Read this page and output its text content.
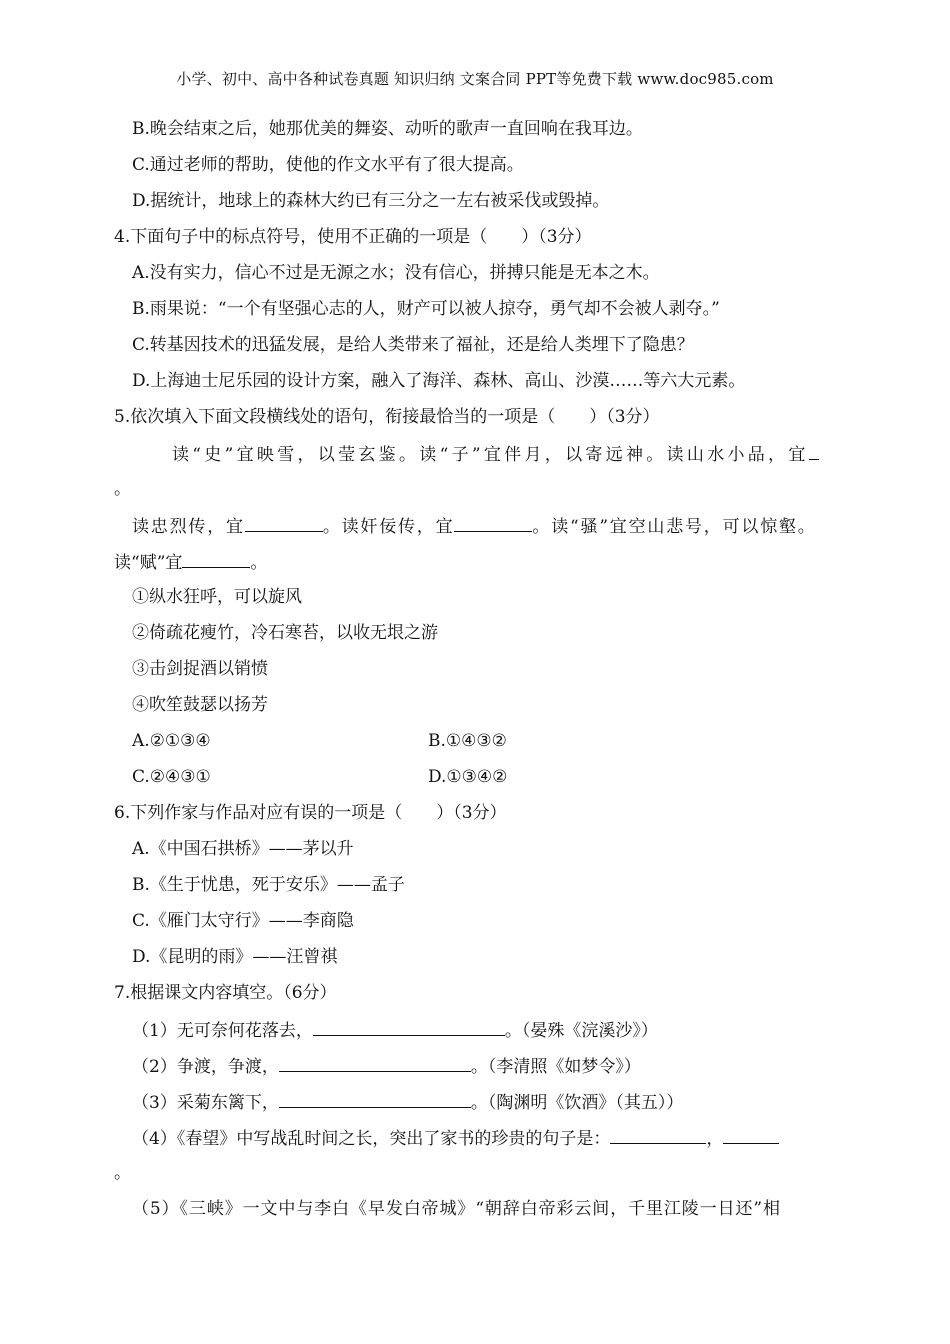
小学、初中、高中各种试卷真题 知识归纳 文案合同 PPT等免费下载 www.doc985.com
B.晚会结束之后，她那优美的舞姿、动听的歌声一直回响在我耳边。
C.通过老师的帮助，使他的作文水平有了很大提高。
D.据统计，地球上的森林大约已有三分之一左右被采伐或毁掉。
4.下面句子中的标点符号，使用不正确的一项是（　　）（3分）
A.没有实力，信心不过是无源之水；没有信心，拼搏只能是无本之木。
B.雨果说：“一个有坚强心志的人，财产可以被人掠夺，勇气却不会被人剥夺。”
C.转基因技术的迅猛发展，是给人类带来了福祉，还是给人类埋下了隐患？
D.上海迪士尼乐园的设计方案，融入了海洋、森林、高山、沙漠……等六大元素。
5.依次填入下面文段横线处的语句，衔接最恰当的一项是（　　）（3分）
读“史”宜映雪，以莹玄鉴。读“子”宜伴月，以寄远神。读山水小品，宜
。
读忠烈传，宜	。读奸佞传，宜	。读“骚”宜空山悲号，可以惊壑。
读“赋”宜	。
①纵水狂呼，可以旋风
②倚疏花瘦竹，冷石寒苔，以收无垠之游
③击剑捉酒以销愤
④吹笙鼓瑟以扬芳
A.②①③④	B.①④③②
C.②④③①	D.①③④②
6.下列作家与作品对应有误的一项是（　　）（3分）
A.《中国石拱桥》——茅以升
B.《生于忧患，死于安乐》——孟子
C.《雁门太守行》——李商隐
D.《昆明的雨》——汪曾祺
7.根据课文内容填空。（6分）
（1）无可奈何花落去，	。（晏殊《浣溪沙》）
（2）争渡，争渡，	。（李清照《如梦令》）
（3）采菊东篱下，	。（陶渊明《饮酒》（其五））
（4）《春望》中写战乱时间之长，突出了家书的珍贵的句子是：	，
。
（5）《三峡》一文中与李白《早发白帝城》“朝辞白帝彩云间，千里江陵一日还”相
